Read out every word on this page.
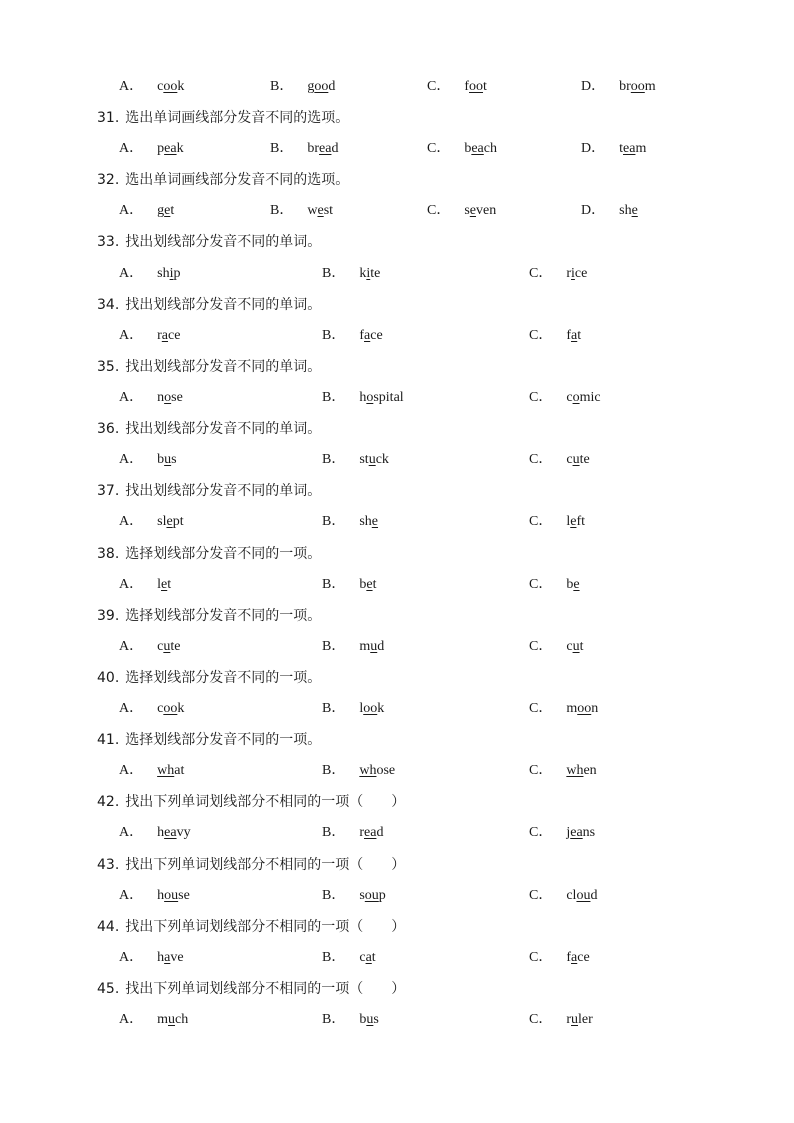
A． cook	B． good	C． foot	D． broom
31. 选出单词画线部分发音不同的选项。
A． peak	B． bread	C． beach	D． team
32. 选出单词画线部分发音不同的选项。
A． get	B． west	C． seven	D． she
33. 找出划线部分发音不同的单词。
A． ship	B． kite	C． rice
34. 找出划线部分发音不同的单词。
A． race	B． face	C． fat
35. 找出划线部分发音不同的单词。
A． nose	B． hospital	C． comic
36. 找出划线部分发音不同的单词。
A． bus	B． stuck	C． cute
37. 找出划线部分发音不同的单词。
A． slept	B． she	C． left
38. 选择划线部分发音不同的一项。
A． let	B． bet	C． be
39. 选择划线部分发音不同的一项。
A． cute	B． mud	C． cut
40. 选择划线部分发音不同的一项。
A． cook	B． look	C． moon
41. 选择划线部分发音不同的一项。
A． what	B． whose	C． when
42. 找出下列单词划线部分不相同的一项（　　）
A． heavy	B． read	C． jeans
43. 找出下列单词划线部分不相同的一项（　　）
A． house	B． soup	C． cloud
44. 找出下列单词划线部分不相同的一项（　　）
A． have	B． cat	C． face
45. 找出下列单词划线部分不相同的一项（　　）
A． much	B． bus	C． ruler
